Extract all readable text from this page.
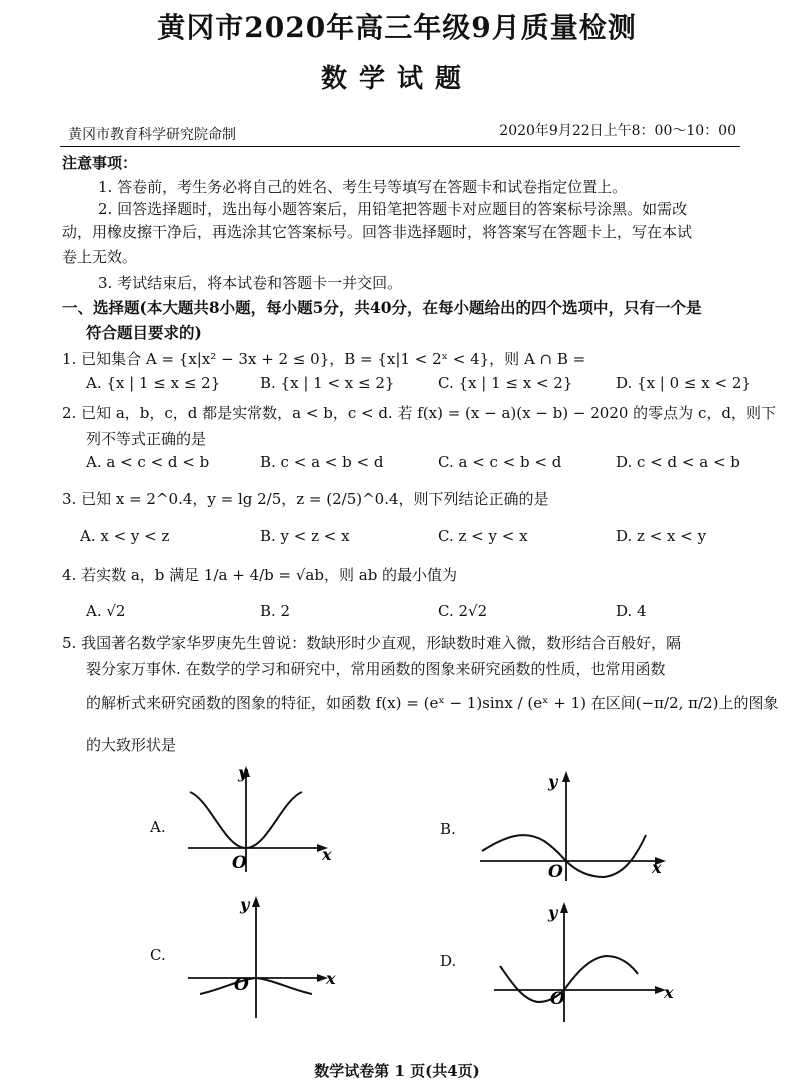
黄冈市2020年高三年级9月质量检测
数学试题
黄冈市教育科学研究院命制	2020年9月22日上午8：00～10：00
注意事项：
1. 答卷前，考生务必将自己的姓名、考生号等填写在答题卡和试卷指定位置上。
2. 回答选择题时，选出每小题答案后，用铅笔把答题卡对应题目的答案标号涂黑。如需改
动，用橡皮擦干净后，再选涂其它答案标号。回答非选择题时，将答案写在答题卡上，写在本试
卷上无效。
3. 考试结束后，将本试卷和答题卡一并交回。
一、选择题(本大题共8小题，每小题5分，共40分，在每小题给出的四个选项中，只有一个是
符合题目要求的)
1. 已知集合 A = {x|x² − 3x + 2 ≤ 0}，B = {x|1 < 2ˣ < 4}，则 A ∩ B =
A. {x | 1 ≤ x ≤ 2}	B. {x | 1 < x ≤ 2}	C. {x | 1 ≤ x < 2}	D. {x | 0 ≤ x < 2}
2. 已知 a，b，c，d 都是实常数，a < b，c < d. 若 f(x) = (x − a)(x − b) − 2020 的零点为 c，d，则下
列不等式正确的是
A. a < c < d < b	B. c < a < b < d	C. a < c < b < d	D. c < d < a < b
3. 已知 x = 2^0.4，y = lg 2/5，z = (2/5)^0.4，则下列结论正确的是
A. x < y < z	B. y < z < x	C. z < y < x	D. z < x < y
4. 若实数 a，b 满足 1/a + 4/b = √ab，则 ab 的最小值为
A. √2	B. 2	C. 2√2	D. 4
5. 我国著名数学家华罗庚先生曾说：数缺形时少直观，形缺数时难入微，数形结合百般好，隔
裂分家万事休. 在数学的学习和研究中，常用函数的图象来研究函数的性质，也常用函数
的解析式来研究函数的图象的特征，如函数 f(x) = (eˣ − 1)sinx / (eˣ + 1) 在区间(−π/2, π/2)上的图象
的大致形状是
A.	B.
C.	D.
y
x
O
y
x
O
y
x
O
y
x
O
数学试卷第 1 页(共4页)
